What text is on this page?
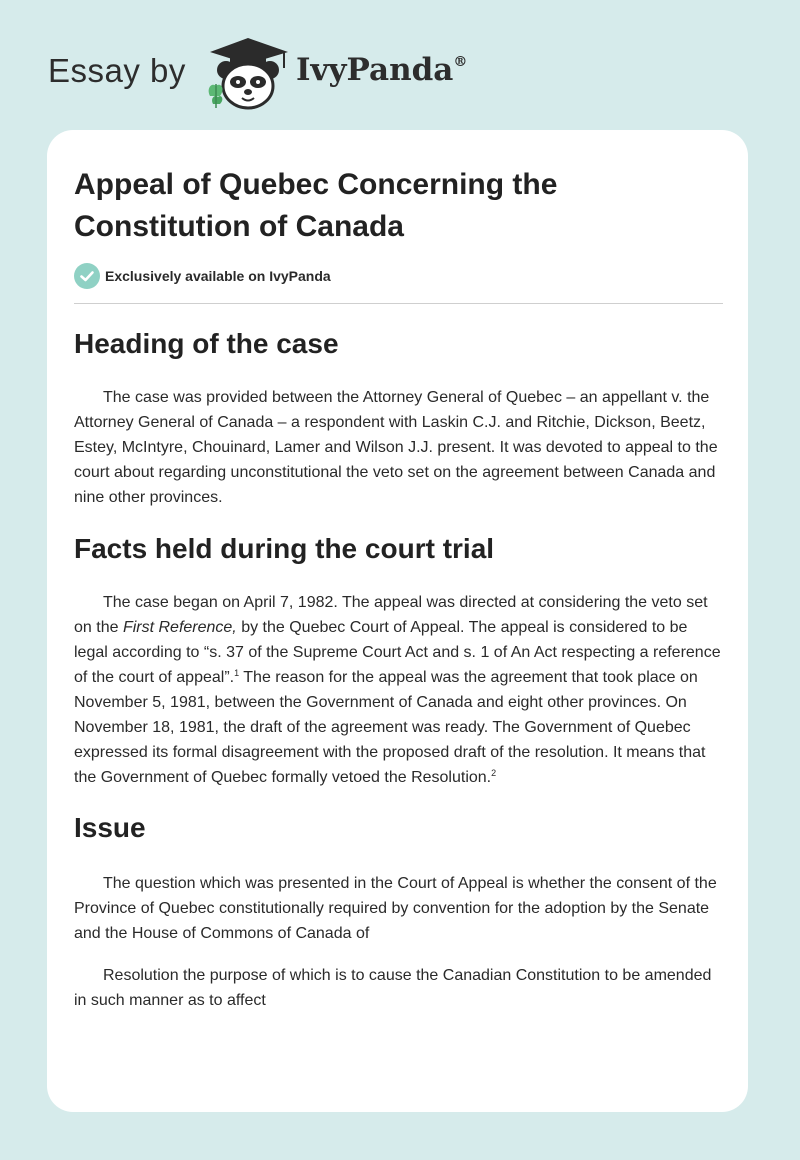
Essay by	IvyPanda®
Appeal of Quebec Concerning the Constitution of Canada
Exclusively available on IvyPanda
Heading of the case

The case was provided between the Attorney General of Quebec – an appellant v. the Attorney General of Canada – a respondent with Laskin C.J. and Ritchie, Dickson, Beetz, Estey, McIntyre, Chouinard, Lamer and Wilson J.J. present. It was devoted to appeal to the court about regarding unconstitutional the veto set on the agreement between Canada and nine other provinces.

Facts held during the court trial

The case began on April 7, 1982. The appeal was directed at considering the veto set on the First Reference, by the Quebec Court of Appeal. The appeal is considered to be legal according to “s. 37 of the Supreme Court Act and s. 1 of An Act respecting a reference of the court of appeal”.$^1$ The reason for the appeal was the agreement that took place on November 5, 1981, between the Government of Canada and eight other provinces. On November 18, 1981, the draft of the agreement was ready. The Government of Quebec expressed its formal disagreement with the proposed draft of the resolution. It means that the Government of Quebec formally vetoed the Resolution.$^2$

Issue

The question which was presented in the Court of Appeal is whether the consent of the Province of Quebec constitutionally required by convention for the adoption by the Senate and the House of Commons of Canada of

Resolution the purpose of which is to cause the Canadian Constitution to be amended in such manner as to affect
